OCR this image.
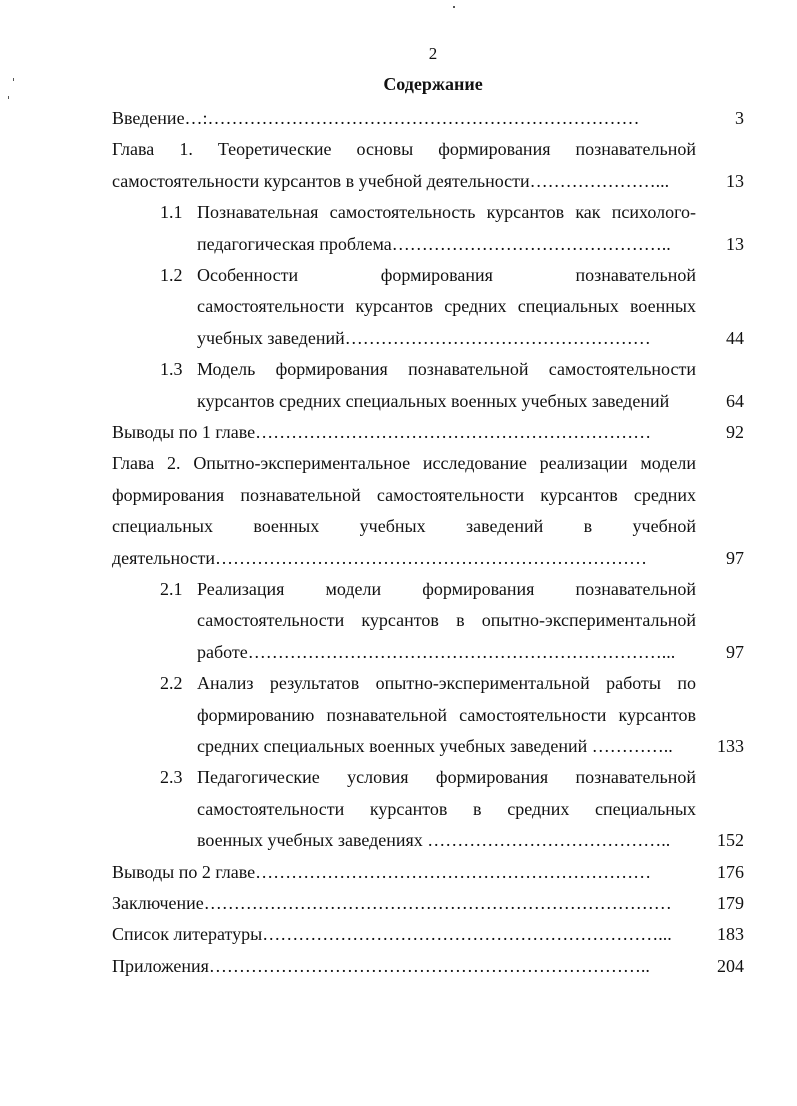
2
Содержание
Введение…:………………………………………………………………	3
Глава 1. Теоретические основы формирования познавательной
самостоятельности курсантов в учебной деятельности…………………...	13
1.1 Познавательная самостоятельность курсантов как психолого-
педагогическая проблема………………………………………..	13
1.2 Особенности формирования познавательной
самостоятельности курсантов средних специальных военных
учебных заведений……………………………………………	44
1.3 Модель формирования познавательной самостоятельности
курсантов средних специальных военных учебных заведений	64
Выводы по 1 главе…………………………………………………………	92
Глава 2. Опытно-экспериментальное исследование реализации модели
формирования познавательной самостоятельности курсантов средних
специальных военных учебных заведений в учебной
деятельности………………………………………………………………	97
2.1 Реализация модели формирования познавательной
самостоятельности курсантов в опытно-экспериментальной
работе……………………………………………………………...	97
2.2 Анализ результатов опытно-экспериментальной работы по
формированию познавательной самостоятельности курсантов
средних специальных военных учебных заведений …………..	133
2.3 Педагогические условия формирования познавательной
самостоятельности курсантов в средних специальных
военных учебных заведениях …………………………………..	152
Выводы по 2 главе…………………………………………………………	176
Заключение……………………………………………………………………	179
Список литературы…………………………………………………………...	183
Приложения………………………………………………………………..	204
